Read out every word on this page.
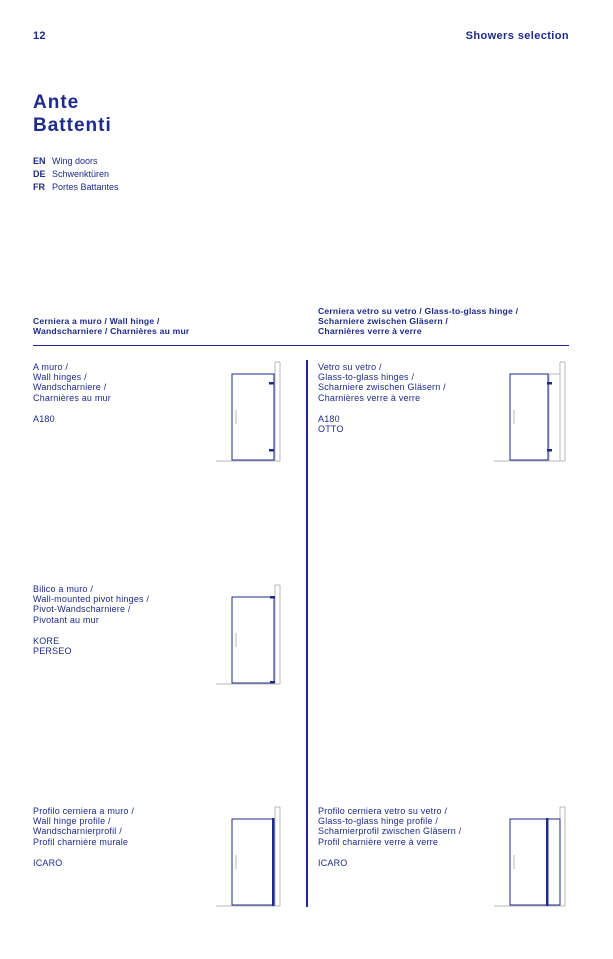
12	Showers selection
Ante
Battenti
EN Wing doors
DE Schwenktüren
FR Portes Battantes
Cerniera a muro / Wall hinge /
Wandscharniere / Charnières au mur
Cerniera vetro su vetro / Glass-to-glass hinge /
Scharniere zwischen Gläsern /
Charnières verre à verre
A muro /
Wall hinges /
Wandscharniere /
Charnières au mur
A180
Vetro su vetro /
Glass-to-glass hinges /
Scharniere zwischen Gläsern /
Charnières verre à verre
A180
OTTO
Bilico a muro /
Wall-mounted pivot hinges /
Pivot-Wandscharniere /
Pivotant au mur
KORE
PERSEO
Profilo cerniera a muro /
Wall hinge profile /
Wandscharnierprofil /
Profil charnière murale
ICARO
Profilo cerniera vetro su vetro /
Glass-to-glass hinge profile /
Scharnierprofil zwischen Gläsern /
Profil charnière verre à verre
ICARO
